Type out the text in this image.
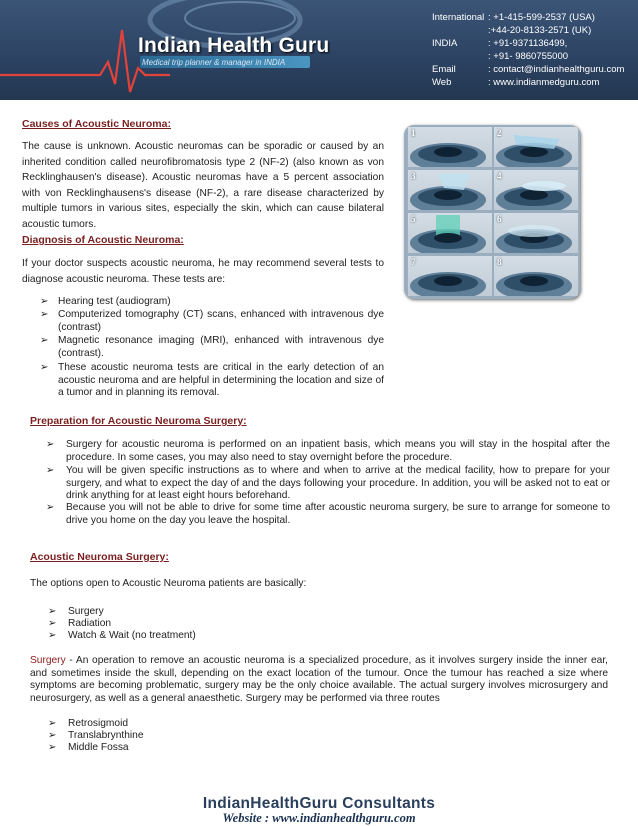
Indian Health Guru
Medical trip planner & manager in INDIA
International : +1-415-599-2537 (USA)
:+44-20-8133-2571 (UK)
INDIA	: +91-9371136499,
: +91- 9860755000
Email	: contact@indianhealthguru.com
Web	: www.indianmedguru.com
Causes of Acoustic Neuroma:
The cause is unknown. Acoustic neuromas can be sporadic or caused by an inherited condition called neurofibromatosis type 2 (NF-2) (also known as von Recklinghausen's disease). Acoustic neuromas have a 5 percent association with von Recklinghausens's disease (NF-2), a rare disease characterized by multiple tumors in various sites, especially the skin, which can cause bilateral acoustic tumors.
Diagnosis of Acoustic Neuroma:
If your doctor suspects acoustic neuroma, he may recommend several tests to diagnose acoustic neuroma. These tests are:
➢ Hearing test (audiogram)
➢ Computerized tomography (CT) scans, enhanced with intravenous dye (contrast)
➢ Magnetic resonance imaging (MRI), enhanced with intravenous dye (contrast).
➢ These acoustic neuroma tests are critical in the early detection of an acoustic neuroma and are helpful in determining the location and size of a tumor and in planning its removal.
1	2
3	4
5	6
7	8
Preparation for Acoustic Neuroma Surgery:
➢	Surgery for acoustic neuroma is performed on an inpatient basis, which means you will stay in the hospital after the procedure. In some cases, you may also need to stay overnight before the procedure.
➢	You will be given specific instructions as to where and when to arrive at the medical facility, how to prepare for your surgery, and what to expect the day of and the days following your procedure. In addition, you will be asked not to eat or drink anything for at least eight hours beforehand.
➢	Because you will not be able to drive for some time after acoustic neuroma surgery, be sure to arrange for someone to drive you home on the day you leave the hospital.
Acoustic Neuroma Surgery:
The options open to Acoustic Neuroma patients are basically:
➢	Surgery
➢	Radiation
➢	Watch & Wait (no treatment)
Surgery - An operation to remove an acoustic neuroma is a specialized procedure, as it involves surgery inside the inner ear, and sometimes inside the skull, depending on the exact location of the tumour. Once the tumour has reached a size where symptoms are becoming problematic, surgery may be the only choice available. The actual surgery involves microsurgery and neurosurgery, as well as a general anaesthetic. Surgery may be performed via three routes
➢	Retrosigmoid
➢	Translabrynthine
➢	Middle Fossa
IndianHealthGuru Consultants
Website : www.indianhealthguru.com
